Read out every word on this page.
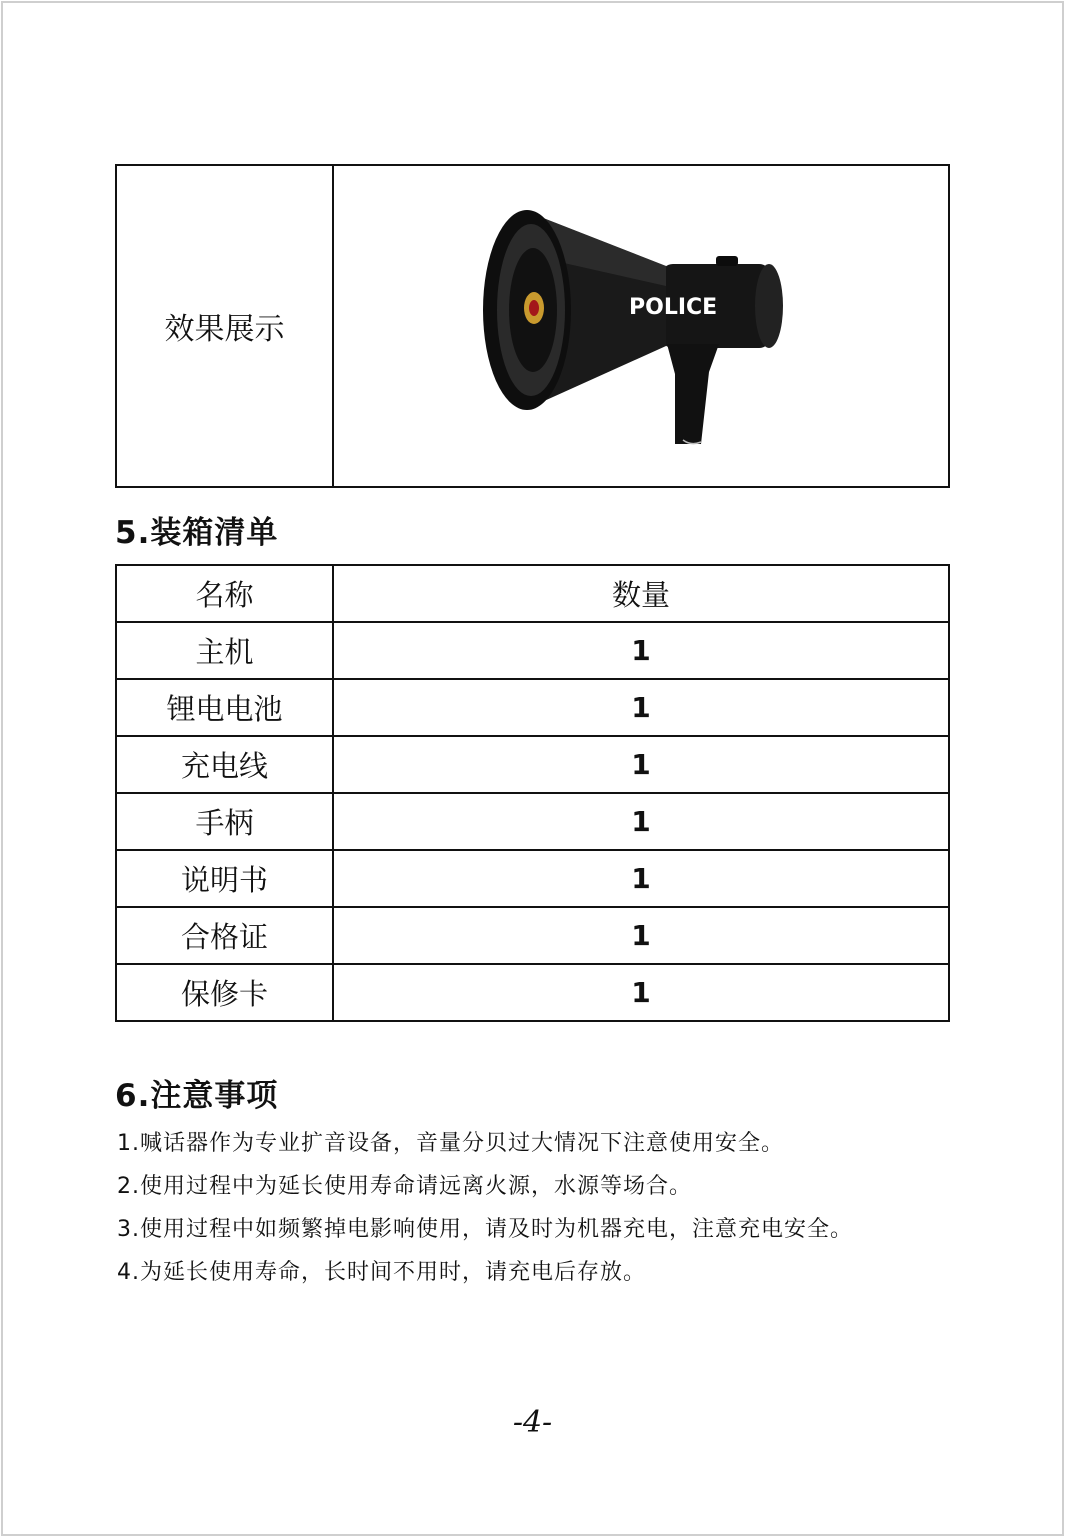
效果展示	
POLICE
5.装箱清单
名称	数量
主机	1
锂电电池	1
充电线	1
手柄	1
说明书	1
合格证	1
保修卡	1
6.注意事项
1.喊话器作为专业扩音设备，音量分贝过大情况下注意使用安全。
2.使用过程中为延长使用寿命请远离火源，水源等场合。
3.使用过程中如频繁掉电影响使用，请及时为机器充电，注意充电安全。
4.为延长使用寿命，长时间不用时，请充电后存放。
-4-
